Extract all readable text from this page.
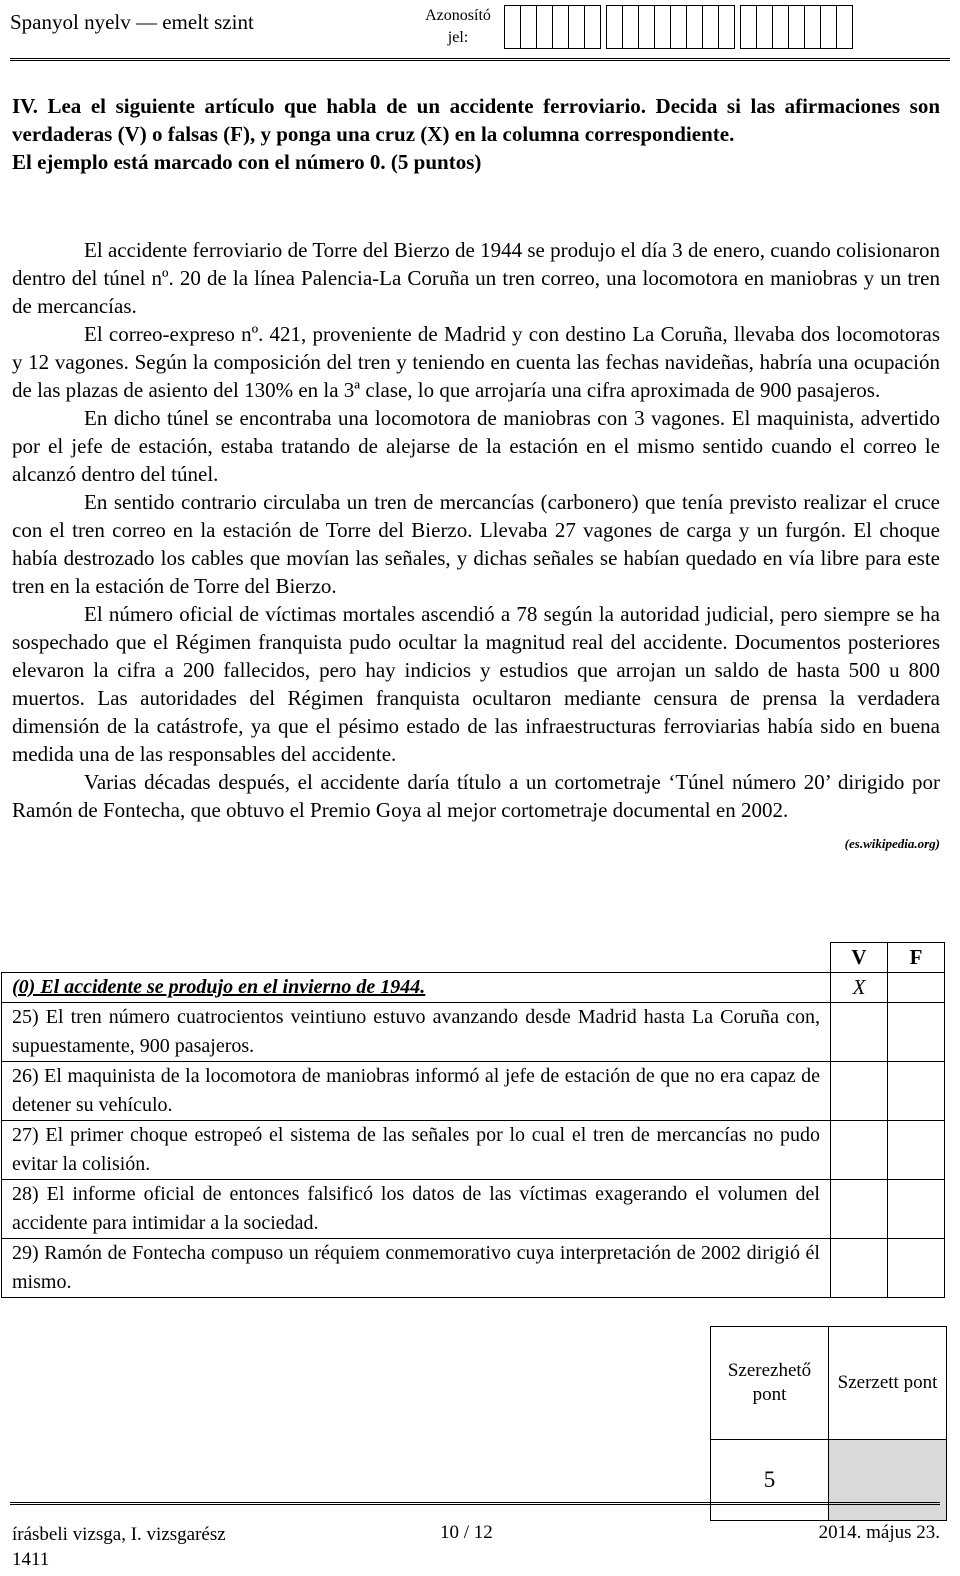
Spanyol nyelv — emelt szint	Azonosító
jel:

IV. Lea el siguiente artículo que habla de un accidente ferroviario. Decida si las afirmaciones son verdaderas (V) o falsas (F), y ponga una cruz (X) en la columna correspondiente.

El ejemplo está marcado con el número 0. (5 puntos)

El accidente ferroviario de Torre del Bierzo de 1944 se produjo el día 3 de enero, cuando colisionaron dentro del túnel nº. 20 de la línea Palencia-La Coruña un tren correo, una locomotora en maniobras y un tren de mercancías.

El correo-expreso nº. 421, proveniente de Madrid y con destino La Coruña, llevaba dos locomotoras y 12 vagones. Según la composición del tren y teniendo en cuenta las fechas navideñas, habría una ocupación de las plazas de asiento del 130% en la 3ª clase, lo que arrojaría una cifra aproximada de 900 pasajeros.

En dicho túnel se encontraba una locomotora de maniobras con 3 vagones. El maquinista, advertido por el jefe de estación, estaba tratando de alejarse de la estación en el mismo sentido cuando el correo le alcanzó dentro del túnel.

En sentido contrario circulaba un tren de mercancías (carbonero) que tenía previsto realizar el cruce con el tren correo en la estación de Torre del Bierzo. Llevaba 27 vagones de carga y un furgón. El choque había destrozado los cables que movían las señales, y dichas señales se habían quedado en vía libre para este tren en la estación de Torre del Bierzo.

El número oficial de víctimas mortales ascendió a 78 según la autoridad judicial, pero siempre se ha sospechado que el Régimen franquista pudo ocultar la magnitud real del accidente. Documentos posteriores elevaron la cifra a 200 fallecidos, pero hay indicios y estudios que arrojan un saldo de hasta 500 u 800 muertos. Las autoridades del Régimen franquista ocultaron mediante censura de prensa la verdadera dimensión de la catástrofe, ya que el pésimo estado de las infraestructuras ferroviarias había sido en buena medida una de las responsables del accidente.

Varias décadas después, el accidente daría título a un cortometraje ‘Túnel número 20’ dirigido por Ramón de Fontecha, que obtuvo el Premio Goya al mejor cortometraje documental en 2002.
(es.wikipedia.org)

	V	F
(0) El accidente se produjo en el invierno de 1944.	X	
25) El tren número cuatrocientos veintiuno estuvo avanzando desde Madrid hasta La Coruña con, supuestamente, 900 pasajeros.		
26) El maquinista de la locomotora de maniobras informó al jefe de estación de que no era capaz de detener su vehículo.		
27) El primer choque estropeó el sistema de las señales por lo cual el tren de mercancías no pudo evitar la colisión.		
28) El informe oficial de entonces falsificó los datos de las víctimas exagerando el volumen del accidente para intimidar a la sociedad.		
29) Ramón de Fontecha compuso un réquiem conmemorativo cuya interpretación de 2002 dirigió él mismo.		
Szerezhető pont	Szerzett pont
5	
írásbeli vizsga, I. vizsgarész
1411
10 / 12	2014. május 23.
